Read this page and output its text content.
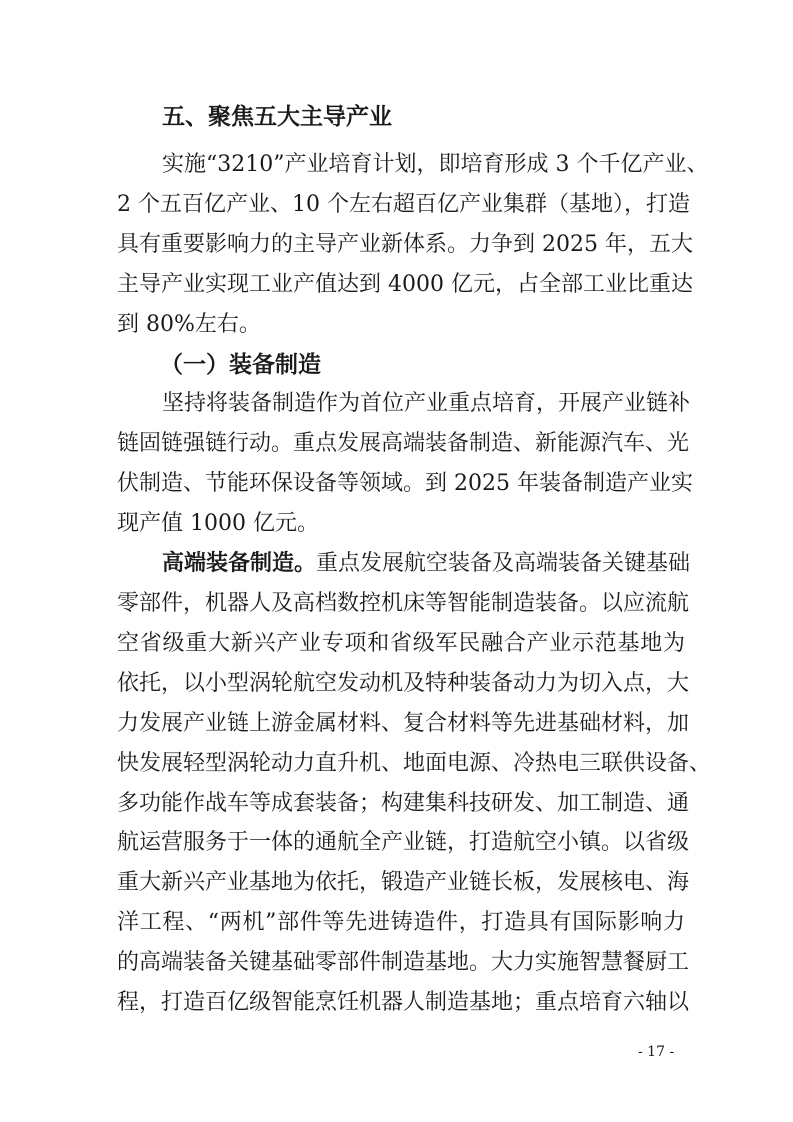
五、聚焦五大主导产业
实施“3210”产业培育计划，即培育形成 3 个千亿产业、
2 个五百亿产业、10 个左右超百亿产业集群（基地），打造
具有重要影响力的主导产业新体系。力争到 2025 年，五大
主导产业实现工业产值达到 4000 亿元，占全部工业比重达
到 80%左右。
（一）装备制造
坚持将装备制造作为首位产业重点培育，开展产业链补
链固链强链行动。重点发展高端装备制造、新能源汽车、光
伏制造、节能环保设备等领域。到 2025 年装备制造产业实
现产值 1000 亿元。
高端装备制造。重点发展航空装备及高端装备关键基础
零部件，机器人及高档数控机床等智能制造装备。以应流航
空省级重大新兴产业专项和省级军民融合产业示范基地为
依托，以小型涡轮航空发动机及特种装备动力为切入点，大
力发展产业链上游金属材料、复合材料等先进基础材料，加
快发展轻型涡轮动力直升机、地面电源、冷热电三联供设备、
多功能作战车等成套装备；构建集科技研发、加工制造、通
航运营服务于一体的通航全产业链，打造航空小镇。以省级
重大新兴产业基地为依托，锻造产业链长板，发展核电、海
洋工程、“两机”部件等先进铸造件，打造具有国际影响力
的高端装备关键基础零部件制造基地。大力实施智慧餐厨工
程，打造百亿级智能烹饪机器人制造基地；重点培育六轴以
- 17 -
